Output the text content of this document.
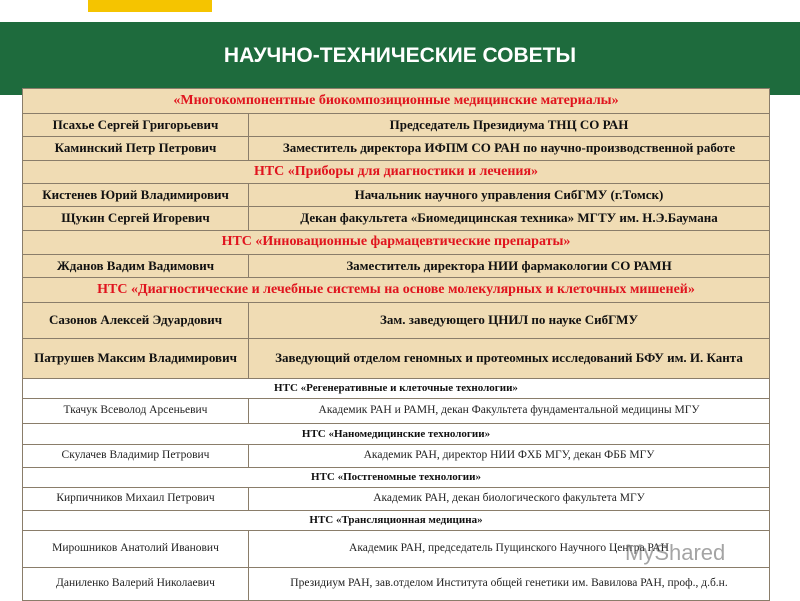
НАУЧНО-ТЕХНИЧЕСКИЕ СОВЕТЫ
«Многокомпонентные биокомпозиционные медицинские материалы»	
Псахье Сергей Григорьевич	Председатель Президиума ТНЦ СО РАН
Каминский Петр Петрович	Заместитель директора ИФПМ СО РАН по научно-производственной работе
НТС «Приборы для диагностики и лечения»	
Кистенев Юрий Владимирович	Начальник научного управления СибГМУ (г.Томск)
Щукин Сергей Игоревич	Декан факультета «Биомедицинская техника» МГТУ им. Н.Э.Баумана
НТС «Инновационные фармацевтические препараты»	
Жданов Вадим Вадимович	Заместитель директора НИИ фармакологии СО РАМН
НТС «Диагностические и лечебные системы на основе молекулярных и клеточных мишеней»	
Сазонов Алексей Эдуардович	Зам. заведующего ЦНИЛ по науке СибГМУ
Патрушев Максим Владимирович	Заведующий отделом геномных и протеомных исследований БФУ им. И. Канта
НТС «Регенеративные и клеточные технологии»	
Ткачук Всеволод Арсеньевич	Академик РАН и РАМН, декан Факультета фундаментальной медицины МГУ
НТС «Наномедицинские технологии»	
Скулачев Владимир Петрович	Академик РАН, директор НИИ ФХБ МГУ, декан ФББ МГУ
НТС «Постгеномные технологии»	
Кирпичников Михаил Петрович	Академик РАН, декан биологического факультета МГУ
НТС «Трансляционная медицина»	
Мирошников Анатолий Иванович	Академик РАН, председатель Пущинского Научного Центра РАН
Даниленко Валерий Николаевич	Президиум РАН, зав.отделом Института общей генетики им. Вавилова РАН, проф., д.б.н.
MyShared
